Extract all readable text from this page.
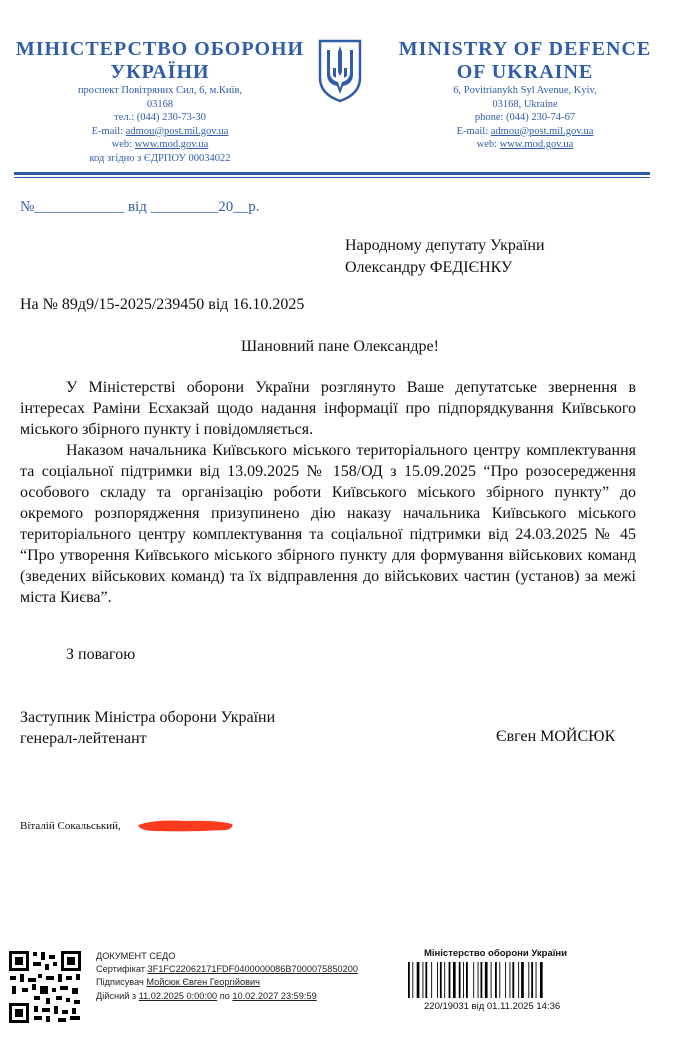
МІНІСТЕРСТВО ОБОРОНИ
УКРАЇНИ
проспект Повітряних Сил, 6, м.Київ,
03168
тел.: (044) 230-73-30
E-mail: admou@post.mil.gov.ua
web: www.mod.gov.ua
код згідно з ЄДРПОУ 00034022
MINISTRY OF DEFENCE
OF UKRAINE
6, Povitrianykh Syl Avenue, Kyiv,
03168, Ukraine
phone: (044) 230-74-67
E-mail: admou@post.mil.gov.ua
web: www.mod.gov.ua
№____________ від _________20__р.
Народному депутату України
Олександру ФЕДІЄНКУ
На № 89д9/15-2025/239450 від 16.10.2025
Шановний пане Олександре!

У Міністерстві оборони України розглянуто Ваше депутатське звернення в інтересах Раміни Есхакзай щодо надання інформації про підпорядкування Київського міського збірного пункту і повідомляється.

Наказом начальника Київського міського територіального центру комплектування та соціальної підтримки від 13.09.2025 № 158/ОД з 15.09.2025 “Про розосередження особового складу та організацію роботи Київського міського збірного пункту” до окремого розпорядження призупинено дію наказу начальника Київського міського територіального центру комплектування та соціальної підтримки від 24.03.2025 № 45 “Про утворення Київського міського збірного пункту для формування військових команд (зведених військових команд) та їх відправлення до військових частин (установ) за межі міста Києва”.

З повагою
Заступник Міністра оборони України
генерал-лейтенант	Євген МОЙСЮК
Віталій Сокальський,
ДОКУМЕНТ СЕДО
Сертифікат 3F1FC22062171FDF0400000086B7000075850200
Підписувач Мойсюк Євген Георгійович
Дійсний з 11.02.2025 0:00:00 по 10.02.2027 23:59:59
Міністерство оборони України
220/19031 від 01.11.2025 14:36
